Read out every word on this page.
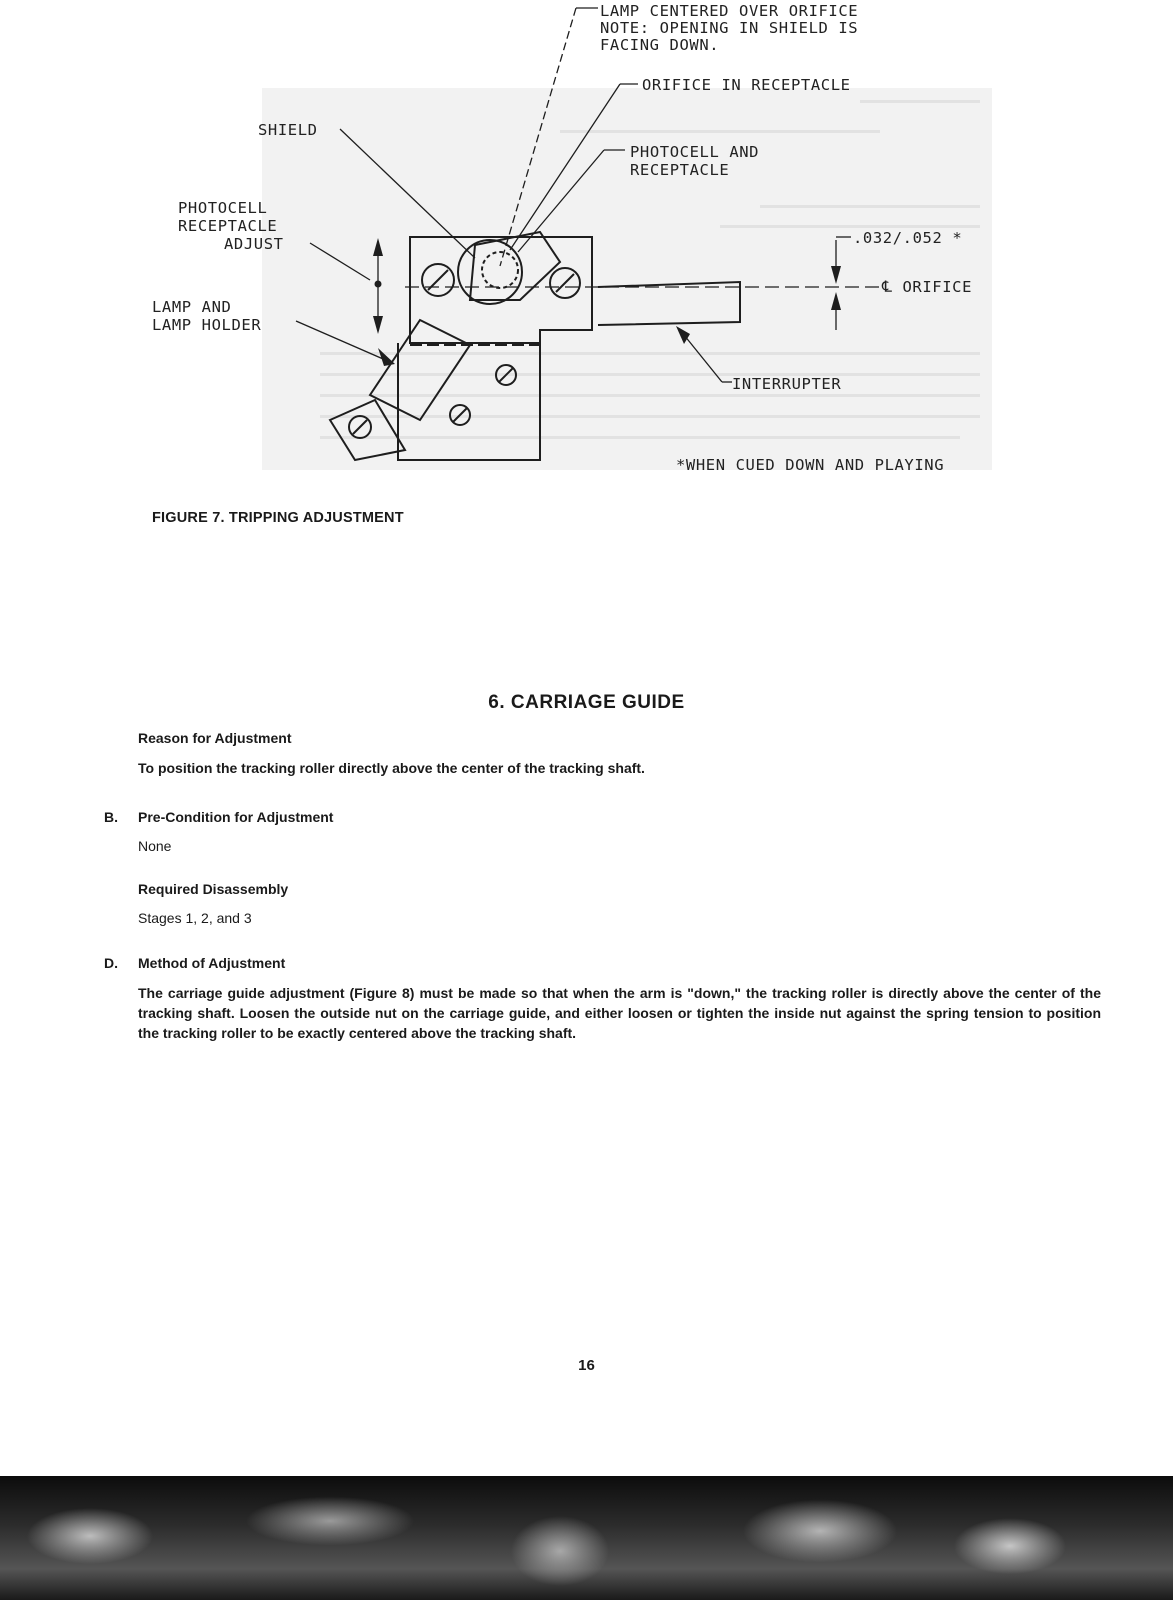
LAMP CENTERED OVER ORIFICE
NOTE: OPENING IN SHIELD IS
FACING DOWN.
ORIFICE IN RECEPTACLE
SHIELD
PHOTOCELL AND
RECEPTACLE
PHOTOCELL
RECEPTACLE
ADJUST	.032/.052 *
℄ ORIFICE
LAMP AND
LAMP HOLDER
INTERRUPTER
*WHEN CUED DOWN AND PLAYING
FIGURE 7. TRIPPING ADJUSTMENT
6. CARRIAGE GUIDE
Reason for Adjustment
To position the tracking roller directly above the center of the tracking shaft.
B. Pre-Condition for Adjustment
None
Required Disassembly
Stages 1, 2, and 3
D. Method of Adjustment
The carriage guide adjustment (Figure 8) must be made so that when the arm is "down," the tracking roller is directly above the center of the tracking shaft. Loosen the outside nut on the carriage guide, and either loosen or tighten the inside nut against the spring tension to position the tracking roller to be exactly centered above the tracking shaft.
16
